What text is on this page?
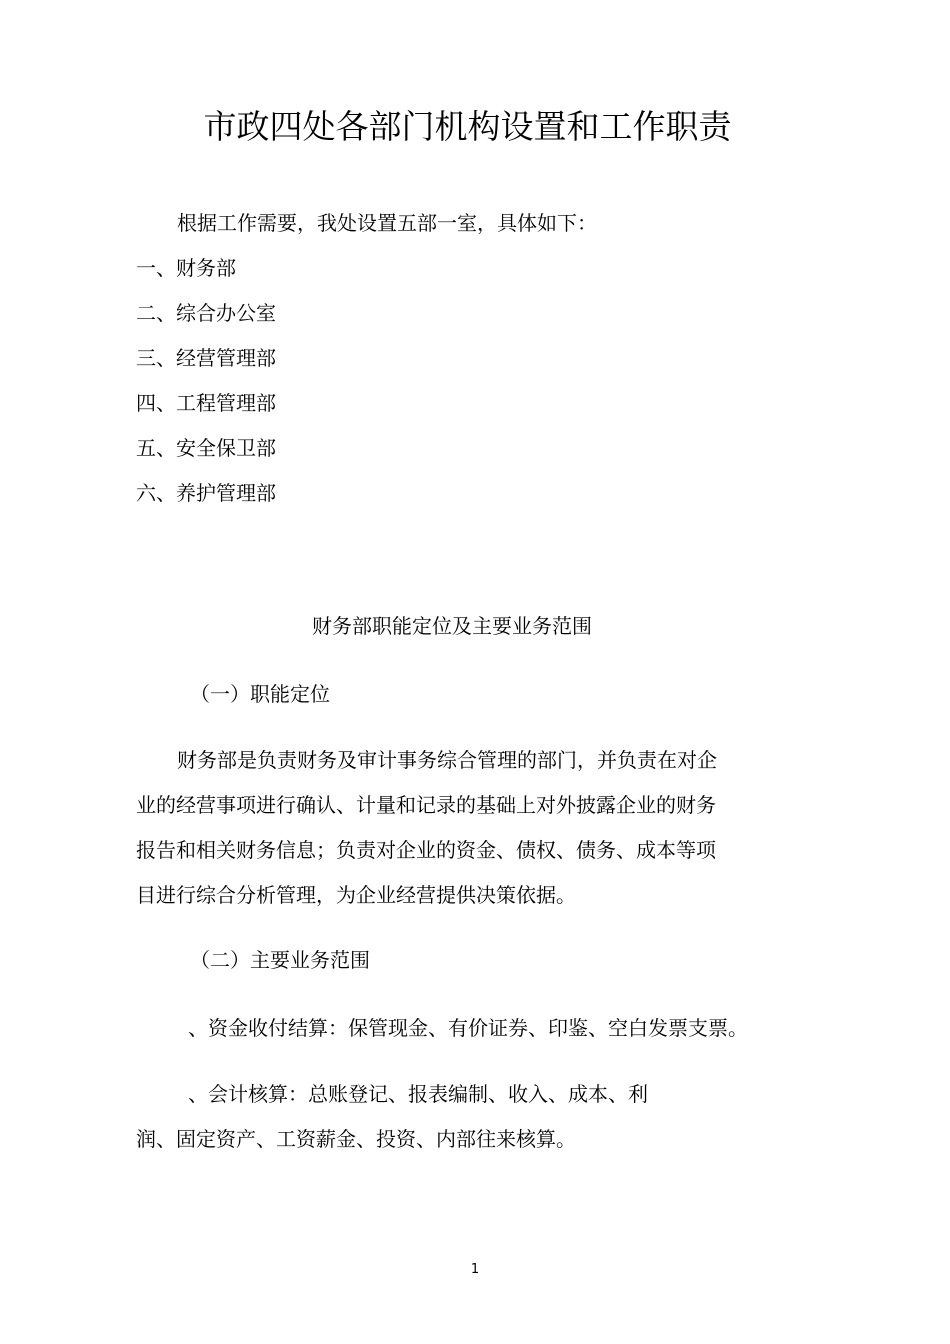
市政四处各部门机构设置和工作职责
根据工作需要，我处设置五部一室，具体如下：
一、财务部
二、综合办公室
三、经营管理部
四、工程管理部
五、安全保卫部
六、养护管理部
财务部职能定位及主要业务范围
（一）职能定位
财务部是负责财务及审计事务综合管理的部门，并负责在对企
业的经营事项进行确认、计量和记录的基础上对外披露企业的财务
报告和相关财务信息；负责对企业的资金、债权、债务、成本等项
目进行综合分析管理，为企业经营提供决策依据。
（二）主要业务范围
、资金收付结算：保管现金、有价证券、印鉴、空白发票支票。
、会计核算：总账登记、报表编制、收入、成本、利
润、固定资产、工资薪金、投资、内部往来核算。
1
